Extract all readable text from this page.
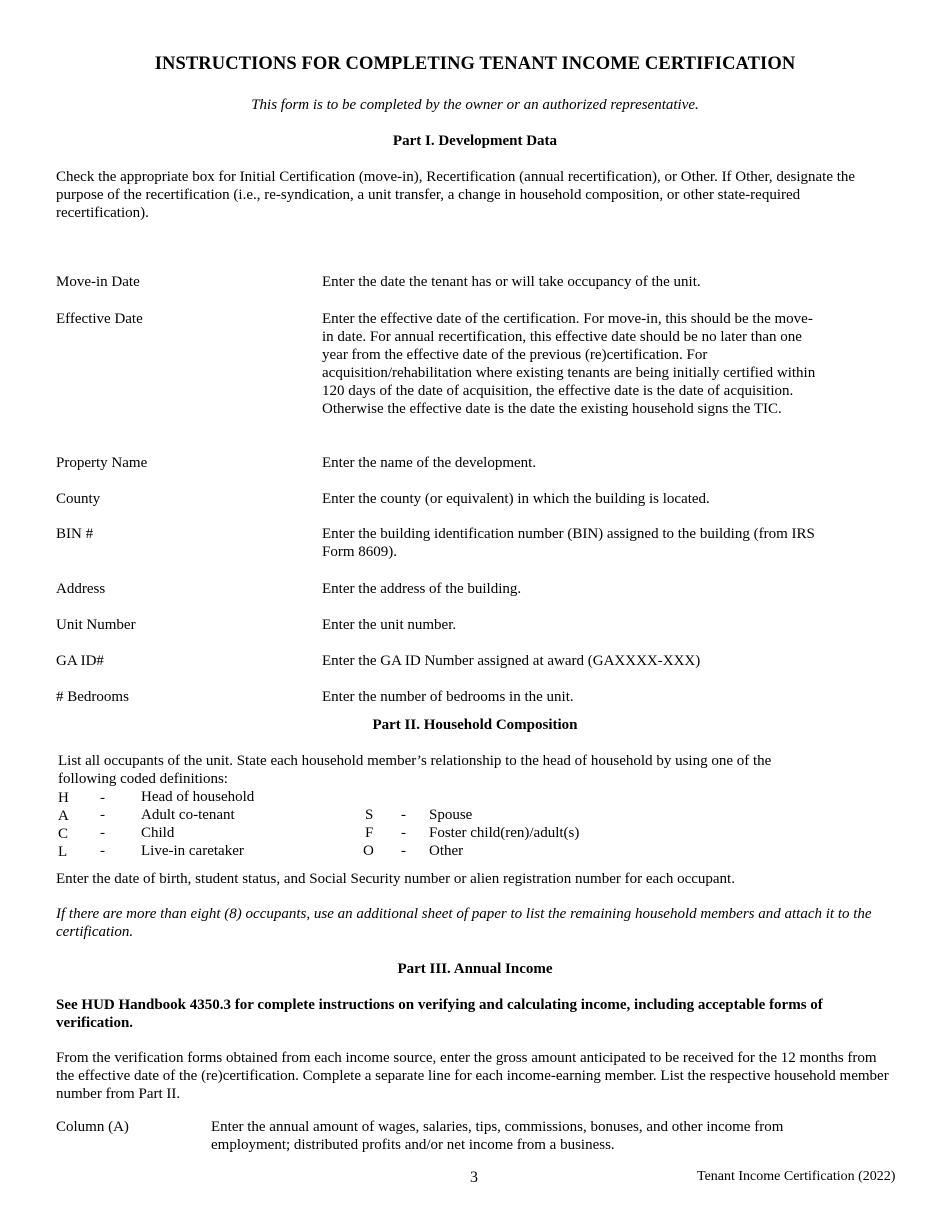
INSTRUCTIONS FOR COMPLETING TENANT INCOME CERTIFICATION
This form is to be completed by the owner or an authorized representative.
Part I. Development Data
Check the appropriate box for Initial Certification (move-in), Recertification (annual recertification), or Other. If Other, designate the purpose of the recertification (i.e., re-syndication, a unit transfer, a change in household composition, or other state-required recertification).
Move-in Date	Enter the date the tenant has or will take occupancy of the unit.
Effective Date	Enter the effective date of the certification. For move-in, this should be the move-in date. For annual recertification, this effective date should be no later than one year from the effective date of the previous (re)certification. For acquisition/rehabilitation where existing tenants are being initially certified within 120 days of the date of acquisition, the effective date is the date of acquisition. Otherwise the effective date is the date the existing household signs the TIC.
Property Name	Enter the name of the development.
County	Enter the county (or equivalent) in which the building is located.
BIN #	Enter the building identification number (BIN) assigned to the building (from IRS Form 8609).
Address	Enter the address of the building.
Unit Number	Enter the unit number.
GA ID#	Enter the GA ID Number assigned at award (GAXXXX-XXX)
# Bedrooms	Enter the number of bedrooms in the unit.
Part II. Household Composition
List all occupants of the unit. State each household member’s relationship to the head of household by using one of the following coded definitions:
H	-	Head of household
A	-	Adult co-tenant
C	-	Child
L	-	Live-in caretaker
S	-	Spouse
F	-	Foster child(ren)/adult(s)
O	-	Other
Enter the date of birth, student status, and Social Security number or alien registration number for each occupant.
If there are more than eight (8) occupants, use an additional sheet of paper to list the remaining household members and attach it to the certification.
Part III. Annual Income
See HUD Handbook 4350.3 for complete instructions on verifying and calculating income, including acceptable forms of verification.
From the verification forms obtained from each income source, enter the gross amount anticipated to be received for the 12 months from the effective date of the (re)certification. Complete a separate line for each income-earning member. List the respective household member number from Part II.
Column (A)	Enter the annual amount of wages, salaries, tips, commissions, bonuses, and other income from employment; distributed profits and/or net income from a business.
3	Tenant Income Certification (2022)
